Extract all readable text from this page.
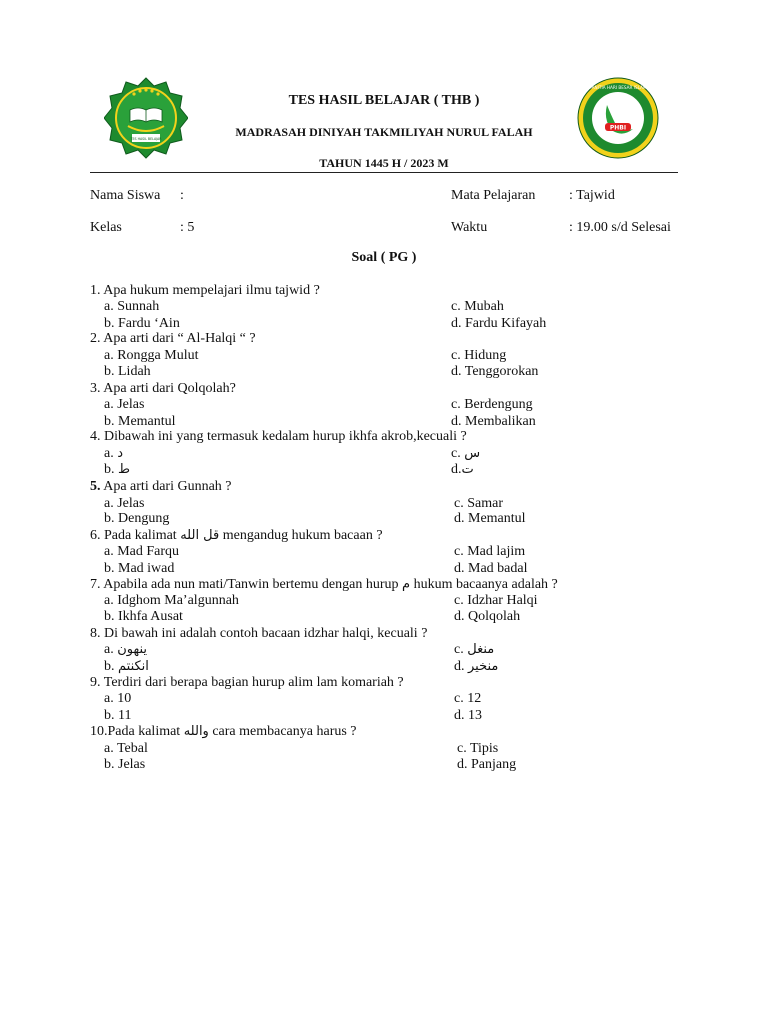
TES HASIL BELAJAR
PHBI
PANITIA HARI BESAR ISLAM
TES HASIL BELAJAR ( THB )
MADRASAH DINIYAH TAKMILIYAH NURUL FALAH
TAHUN 1445 H / 2023 M
Nama Siswa :	Mata Pelajaran : Tajwid
Kelas	: 5	Waktu	: 19.00 s/d Selesai
Soal ( PG )
1. Apa hukum mempelajari ilmu tajwid ?
a. Sunnah	c. Mubah
b. Fardu ‘Ain	d. Fardu Kifayah
2. Apa arti dari “ Al-Halqi “ ?
a. Rongga Mulut	c. Hidung
b. Lidah	d. Tenggorokan
3. Apa arti dari Qolqolah?
a. Jelas	c. Berdengung
b. Memantul	d. Membalikan
4. Dibawah ini yang termasuk kedalam hurup ikhfa akrob,kecuali ?
a. د	c. س
b. ط	d.ت
5. Apa arti dari Gunnah ?
a. Jelas	c. Samar
b. Dengung	d. Memantul
6. Pada kalimat قل الله mengandug hukum bacaan ?
a. Mad Farqu	c. Mad lajim
b. Mad iwad	d. Mad badal
7. Apabila ada nun mati/Tanwin bertemu dengan hurup م hukum bacaanya adalah ?
a. Idghom Ma’algunnah	c. Idzhar Halqi
b. Ikhfa Ausat	d. Qolqolah
8. Di bawah ini adalah contoh bacaan idzhar halqi, kecuali ?
a. ينهون	c. منغل
b. انكنتم	d. منخير
9. Terdiri dari berapa bagian hurup alim lam komariah ?
a. 10	c. 12
b. 11	d. 13
10.Pada kalimat والله cara membacanya harus ?
a. Tebal	c. Tipis
b. Jelas	d. Panjang
